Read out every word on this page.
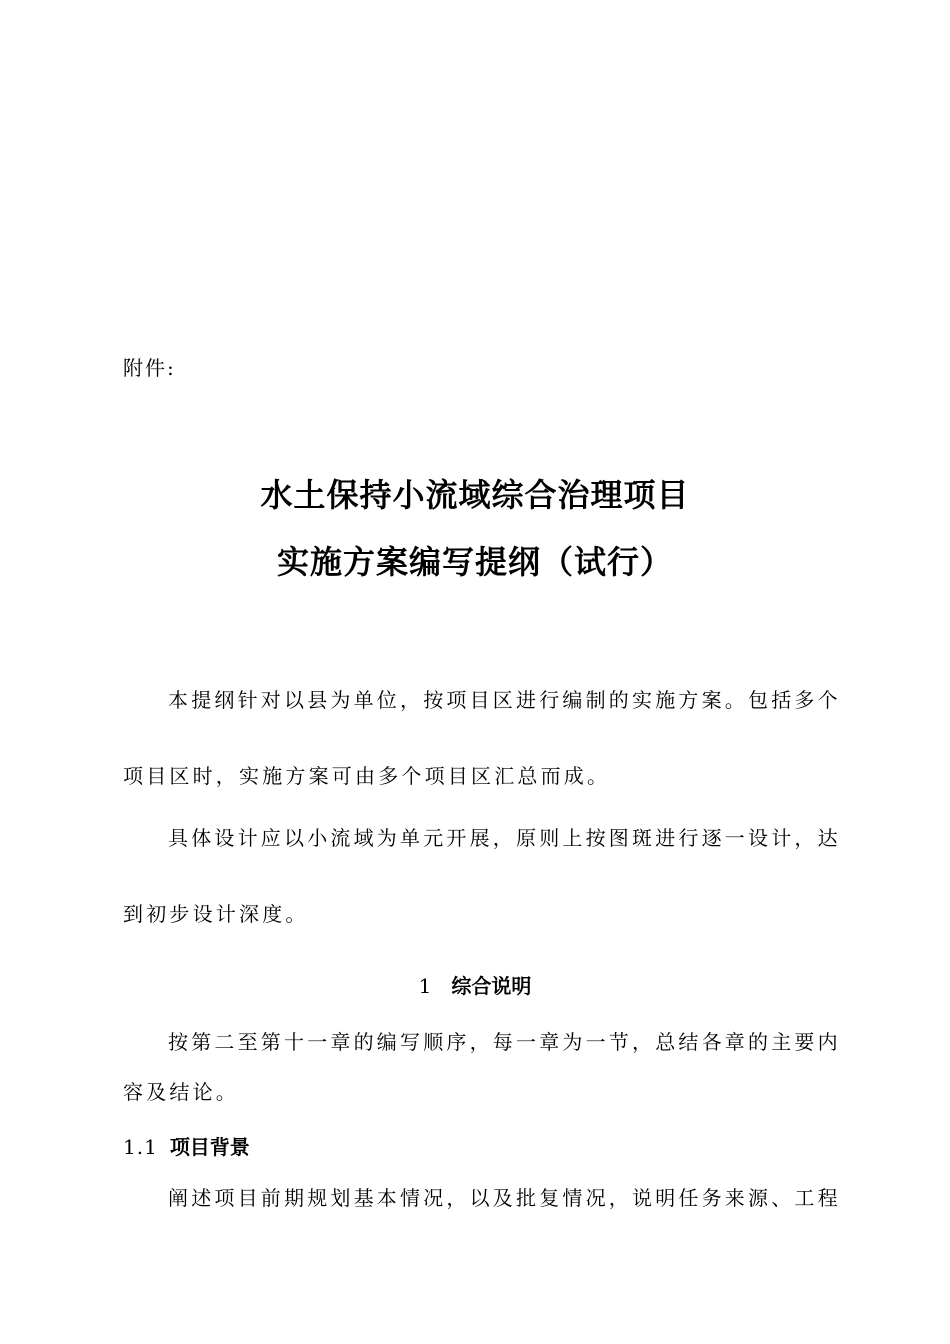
附件:
水土保持小流域综合治理项目
实施方案编写提纲（试行）
本提纲针对以县为单位，按项目区进行编制的实施方案。包括多个
项目区时，实施方案可由多个项目区汇总而成。
具体设计应以小流域为单元开展，原则上按图斑进行逐一设计，达
到初步设计深度。
1 综合说明
按第二至第十一章的编写顺序，每一章为一节，总结各章的主要内
容及结论。
1.1 项目背景
阐述项目前期规划基本情况，以及批复情况，说明任务来源、工程
